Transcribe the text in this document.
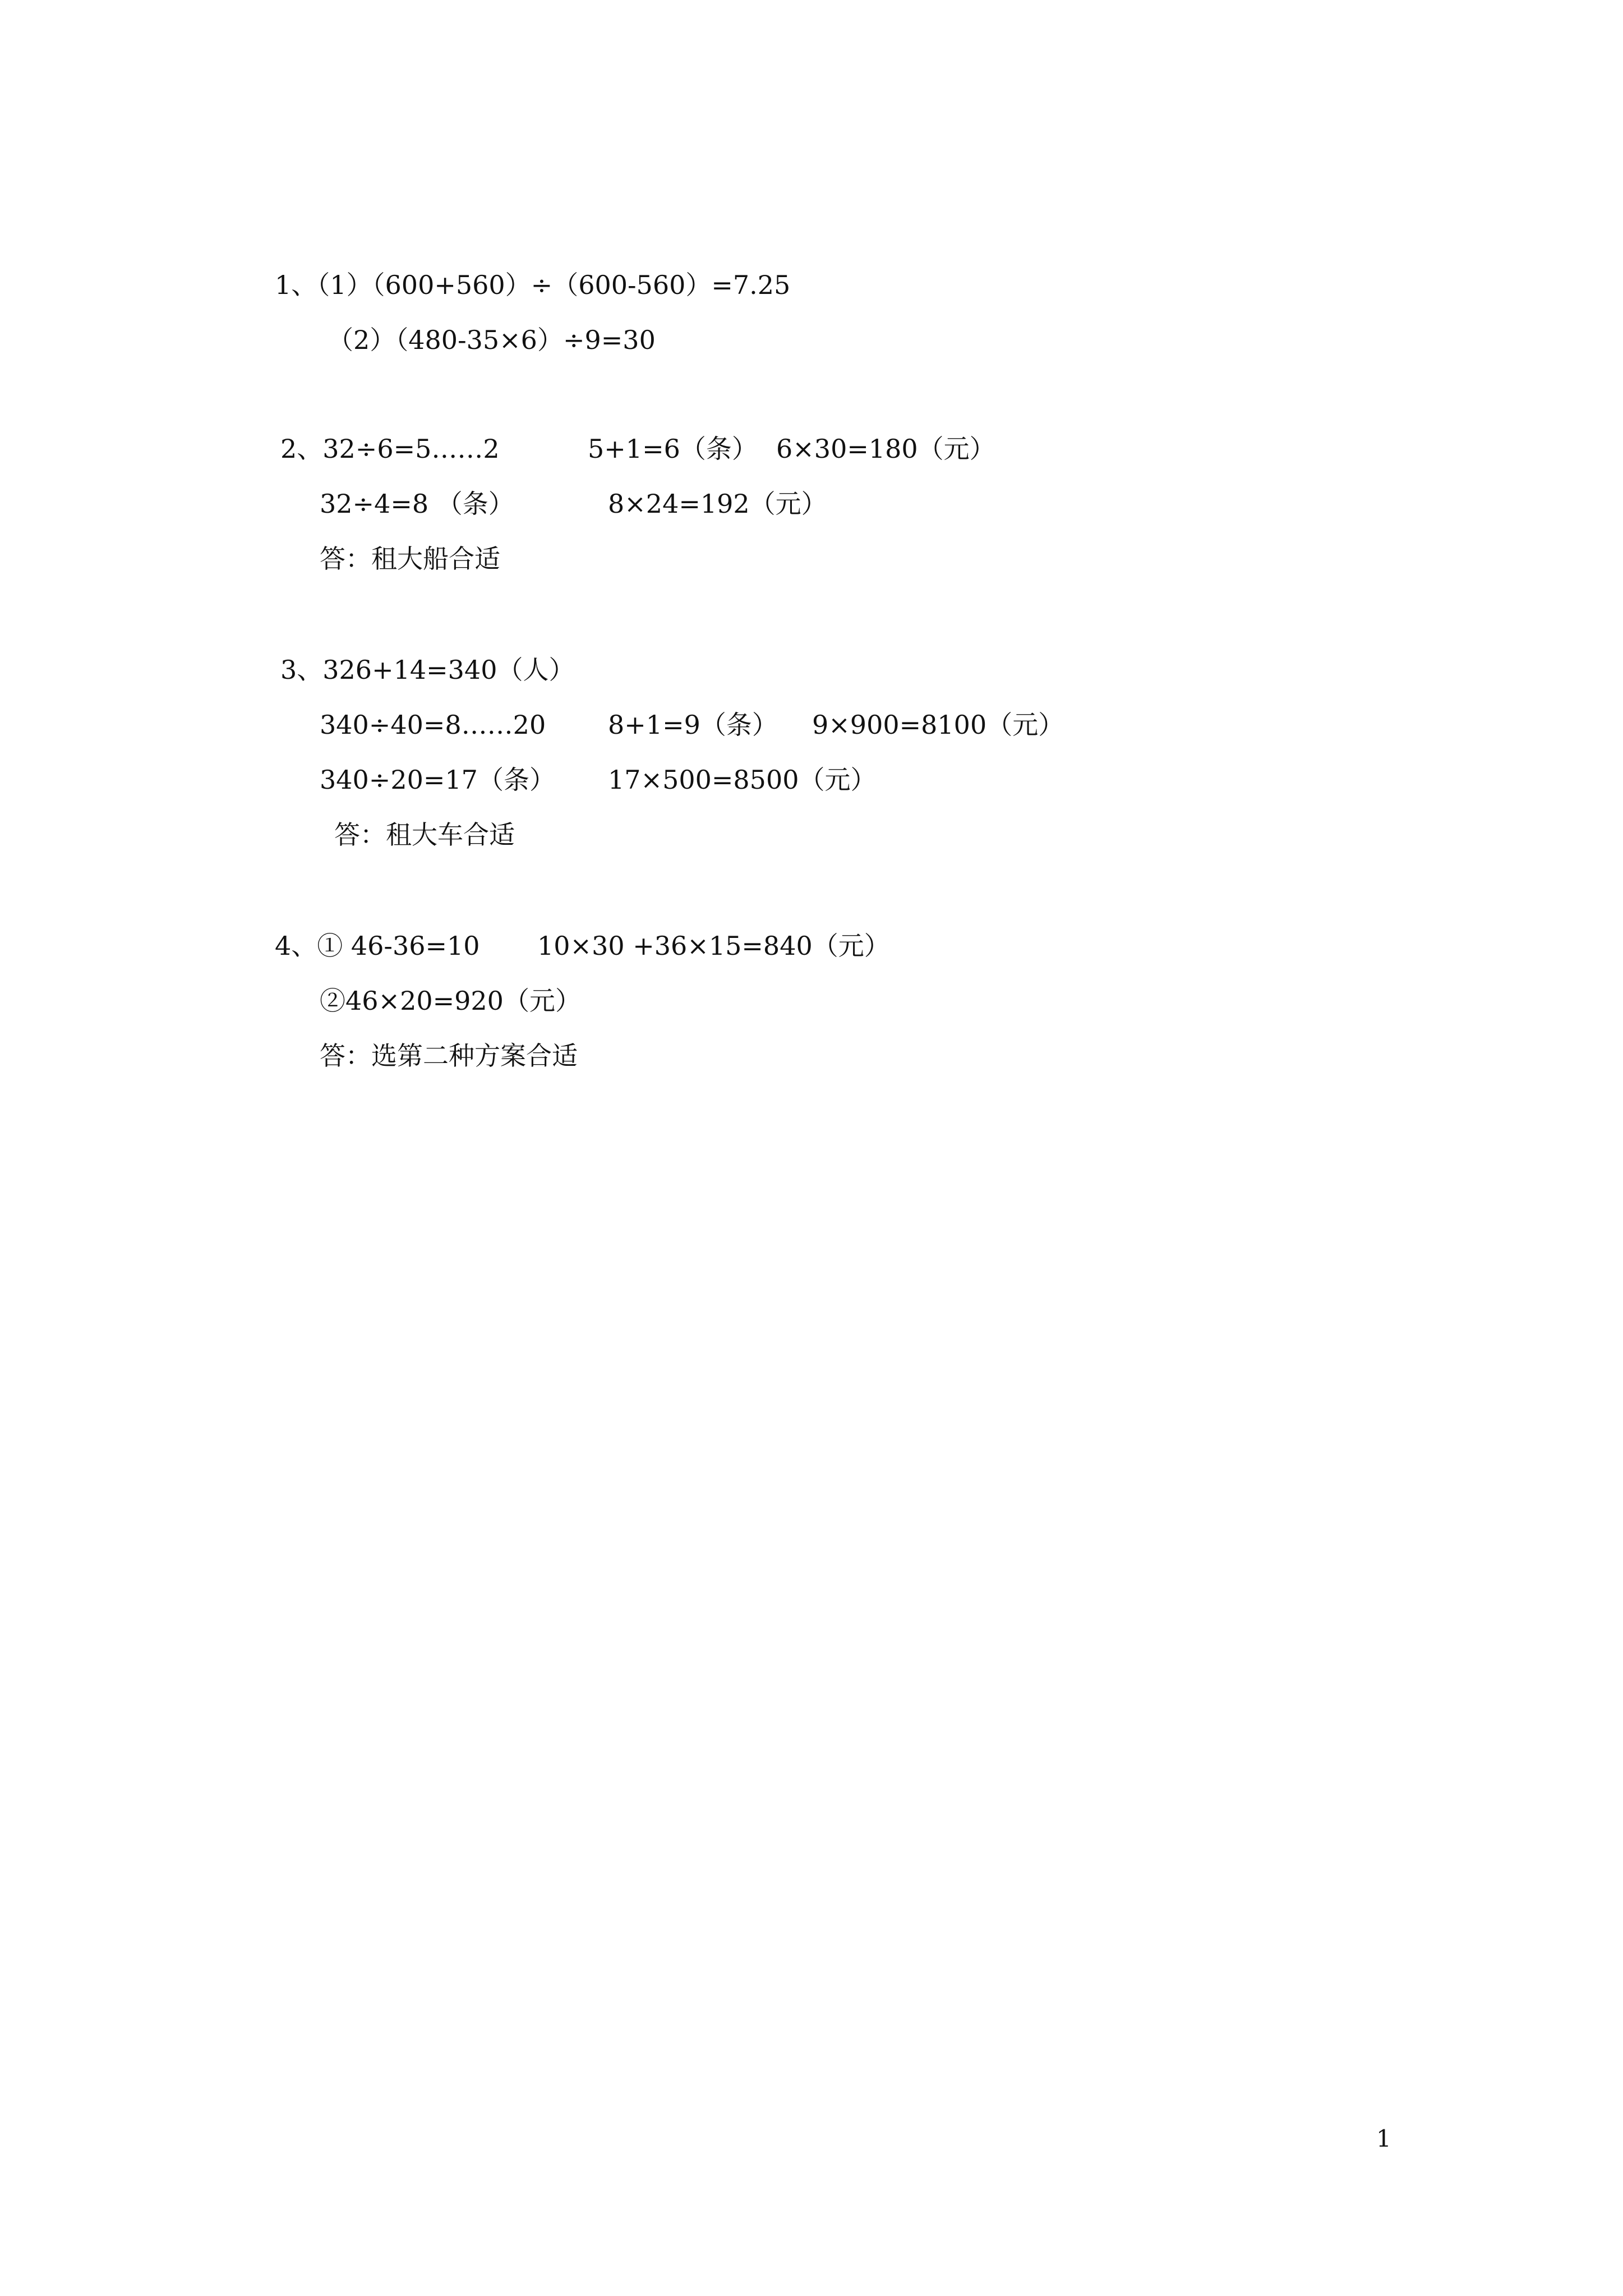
1、（1）（600+560）÷（600-560）=7.25
（2）（480-35×6）÷9=30
2、32÷6=5……2	5+1=6（条） 6×30=180（元）
32÷4=8 （条）	8×24=192（元）
答：租大船合适
3、326+14=340（人）
340÷40=8……20 8+1=9（条） 9×900=8100（元）
340÷20=17（条） 17×500=8500（元）
答：租大车合适
4、① 46-36=10 10×30 +36×15=840（元）
②46×20=920（元）
答：选第二种方案合适
1
